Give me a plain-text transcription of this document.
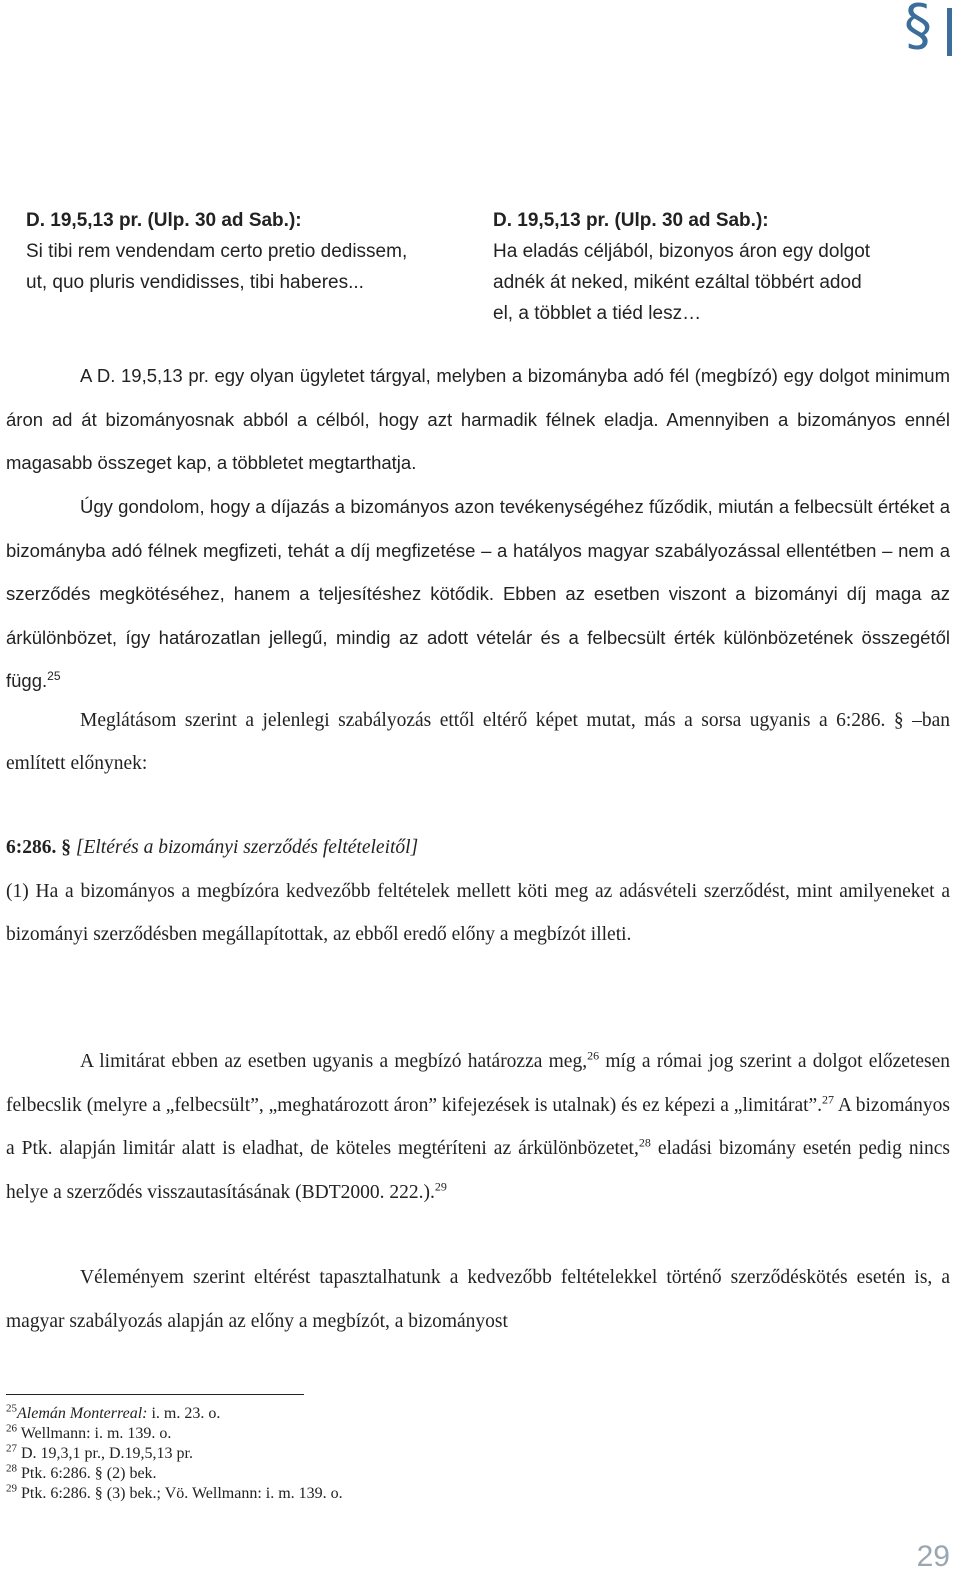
§
D. 19,5,13 pr. (Ulp. 30 ad Sab.):
Si tibi rem vendendam certo pretio dedissem,
ut, quo pluris vendidisses, tibi haberes...
D. 19,5,13 pr. (Ulp. 30 ad Sab.):
Ha eladás céljából, bizonyos áron egy dolgot
adnék át neked, miként ezáltal többért adod
el, a többlet a tiéd lesz…

A D. 19,5,13 pr. egy olyan ügyletet tárgyal, melyben a bizományba adó fél (megbízó) egy dolgot minimum áron ad át bizományosnak abból a célból, hogy azt harmadik félnek eladja. Amennyiben a bizományos ennél magasabb összeget kap, a többletet megtarthatja.

Úgy gondolom, hogy a díjazás a bizományos azon tevékenységéhez fűződik, miután a felbecsült értéket a bizományba adó félnek megfizeti, tehát a díj megfizetése – a hatályos magyar szabályozással ellentétben – nem a szerződés megkötéséhez, hanem a teljesítéshez kötődik. Ebben az esetben viszont a bizományi díj maga az árkülönbözet, így határozatlan jellegű, mindig az adott vételár és a felbecsült érték különbözetének összegétől függ.$^{25}$

Meglátásom szerint a jelenlegi szabályozás ettől eltérő képet mutat, más a sorsa ugyanis a 6:286. § –ban említett előnynek:

6:286. § [Eltérés a bizományi szerződés feltételeitől]

(1) Ha a bizományos a megbízóra kedvezőbb feltételek mellett köti meg az adásvételi szerződést, mint amilyeneket a bizományi szerződésben megállapítottak, az ebből eredő előny a megbízót illeti.

A limitárat ebben az esetben ugyanis a megbízó határozza meg,$^{26}$ míg a római jog szerint a dolgot előzetesen felbecslik (melyre a „felbecsült”, „meghatározott áron” kifejezések is utalnak) és ez képezi a „limitárat”.$^{27}$ A bizományos a Ptk. alapján limitár alatt is eladhat, de köteles megtéríteni az árkülönbözetet,$^{28}$ eladási bizomány esetén pedig nincs helye a szerződés visszautasításának (BDT2000. 222.).$^{29}$

Véleményem szerint eltérést tapasztalhatunk a kedvezőbb feltételekkel történő szerződéskötés esetén is, a magyar szabályozás alapján az előny a megbízót, a bizományost

$^{25}$Alemán Monterreal: i. m. 23. o.
$^{26}$ Wellmann: i. m. 139. o.
$^{27}$ D. 19,3,1 pr., D.19,5,13 pr.
$^{28}$ Ptk. 6:286. § (2) bek.
$^{29}$ Ptk. 6:286. § (3) bek.; Vö. Wellmann: i. m. 139. o.
29
